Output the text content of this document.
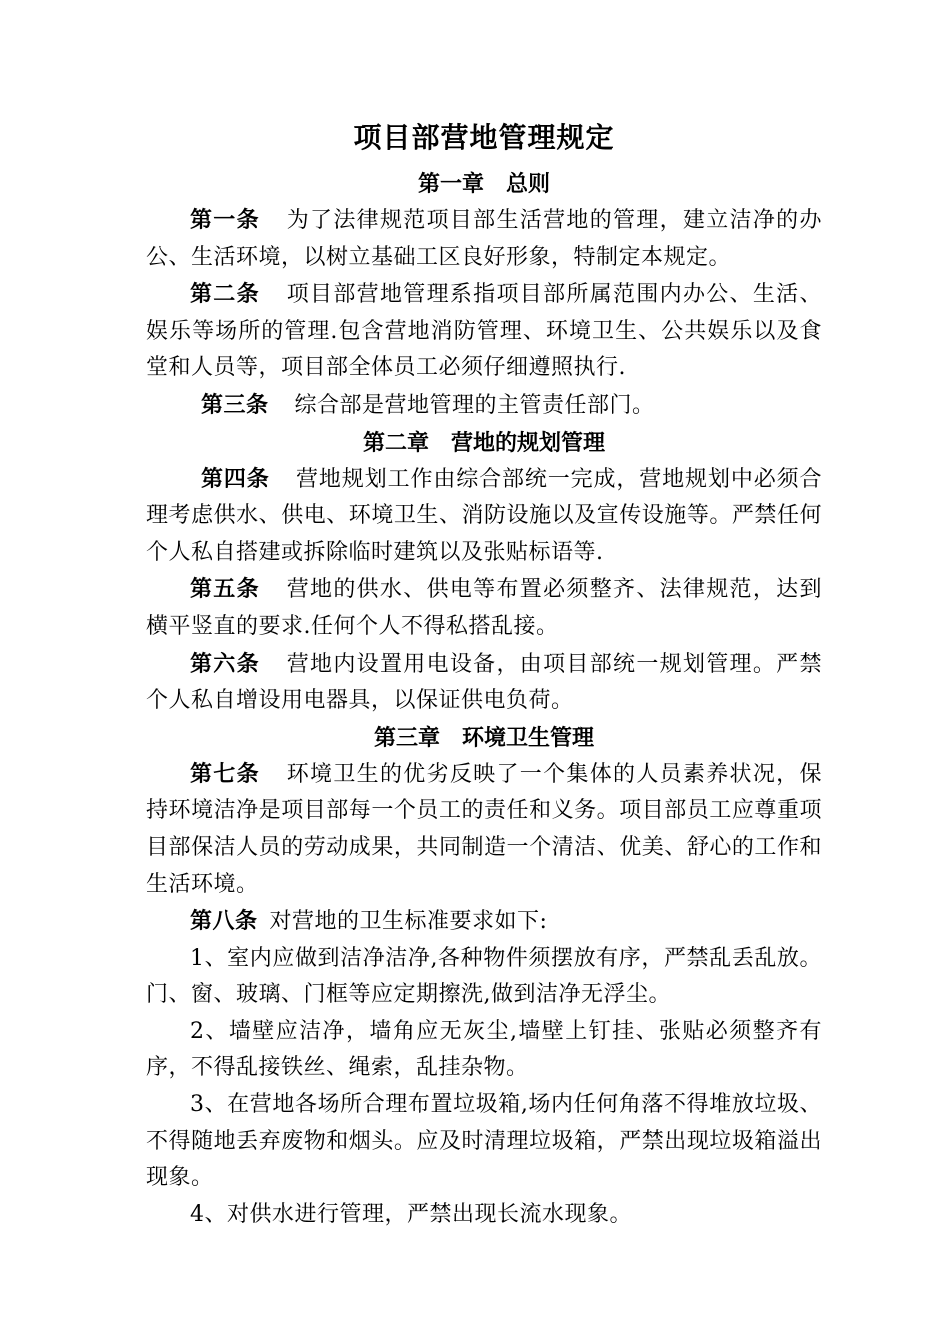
项目部营地管理规定
第一章 总则

第一条 为了法律规范项目部生活营地的管理，建立洁净的办公、生活环境，以树立基础工区良好形象，特制定本规定。

第二条 项目部营地管理系指项目部所属范围内办公、生活、娱乐等场所的管理.包含营地消防管理、环境卫生、公共娱乐以及食堂和人员等，项目部全体员工必须仔细遵照执行.

第三条 综合部是营地管理的主管责任部门。

第二章 营地的规划管理

第四条 营地规划工作由综合部统一完成，营地规划中必须合理考虑供水、供电、环境卫生、消防设施以及宣传设施等。严禁任何个人私自搭建或拆除临时建筑以及张贴标语等.

第五条 营地的供水、供电等布置必须整齐、法律规范，达到横平竖直的要求.任何个人不得私搭乱接。

第六条 营地内设置用电设备，由项目部统一规划管理。严禁个人私自增设用电器具，以保证供电负荷。

第三章 环境卫生管理

第七条 环境卫生的优劣反映了一个集体的人员素养状况，保持环境洁净是项目部每一个员工的责任和义务。项目部员工应尊重项目部保洁人员的劳动成果，共同制造一个清洁、优美、舒心的工作和生活环境。

第八条 对营地的卫生标准要求如下:

1、室内应做到洁净洁净,各种物件须摆放有序，严禁乱丢乱放。门、窗、玻璃、门框等应定期擦洗,做到洁净无浮尘。

2、墙壁应洁净，墙角应无灰尘,墙壁上钉挂、张贴必须整齐有序，不得乱接铁丝、绳索，乱挂杂物。

3、在营地各场所合理布置垃圾箱,场内任何角落不得堆放垃圾、不得随地丢弃废物和烟头。应及时清理垃圾箱，严禁出现垃圾箱溢出现象。

4、对供水进行管理，严禁出现长流水现象。
